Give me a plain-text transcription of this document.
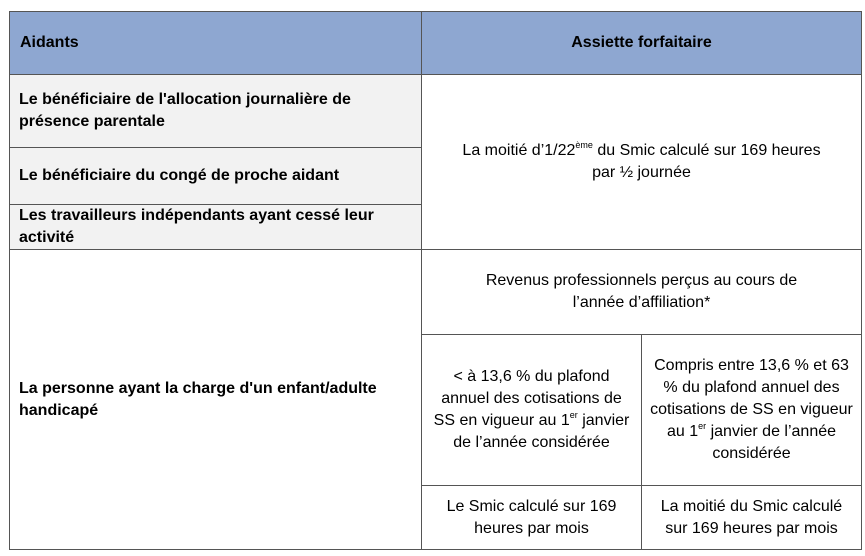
Aidants	Assiette forfaitaire	
Le bénéficiaire de l'allocation journalière de présence parentale	La moitié d’1/22ème du Smic calculé sur 169 heures par ½ journée	
Le bénéficiaire du congé de proche aidant		
Les travailleurs indépendants ayant cessé leur activité		
La personne ayant la charge d'un enfant/adulte handicapé	Revenus professionnels perçus au cours de l’année d’affiliation*	
	< à 13,6 % du plafond annuel des cotisations de SS en vigueur au 1er janvier de l’année considérée	Compris entre 13,6 % et 63 % du plafond annuel des cotisations de SS en vigueur au 1er janvier de l’année considérée
	Le Smic calculé sur 169 heures par mois	La moitié du Smic calculé sur 169 heures par mois
